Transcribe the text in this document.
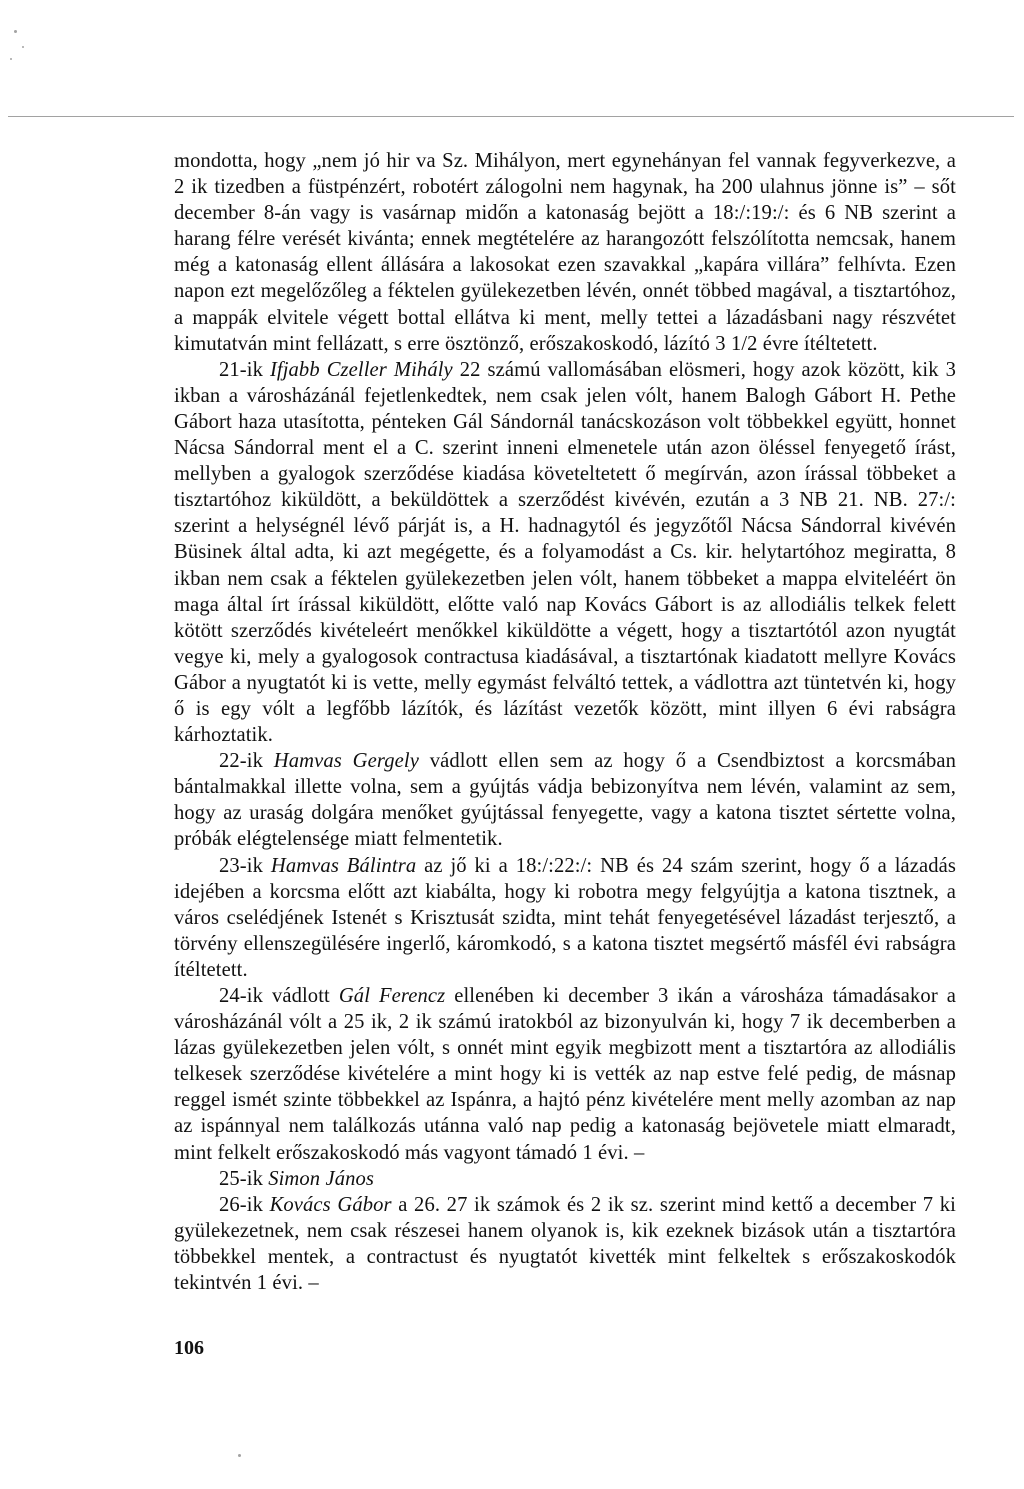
mondotta, hogy „nem jó hir va Sz. Mihályon, mert egynehányan fel vannak fegyverkezve, a 2 ik tizedben a füstpénzért, robotért zálogolni nem hagynak, ha 200 ulahnus jönne is” – sőt december 8-án vagy is vasárnap midőn a katonaság bejött a 18:/:19:/: és 6 NB szerint a harang félre verését kivánta; ennek megtételére az harangozótt felszólította nemcsak, hanem még a katonaság ellent állására a lakosokat ezen szavakkal „kapára villára” felhívta. Ezen napon ezt megelőzőleg a féktelen gyülekezetben lévén, onnét többed magával, a tisztartóhoz, a mappák elvitele végett bottal ellátva ki ment, melly tettei a lázadásbani nagy részvétet kimutatván mint fellázatt, s erre ösztönző, erőszakoskodó, lázító 3 1/2 évre ítéltetett.

21-ik Ifjabb Czeller Mihály 22 számú vallomásában elösmeri, hogy azok között, kik 3 ikban a városházánál fejetlenkedtek, nem csak jelen vólt, hanem Balogh Gábort H. Pethe Gábort haza utasította, pénteken Gál Sándornál tanácskozáson volt többekkel együtt, honnet Nácsa Sándorral ment el a C. szerint inneni elmenetele után azon öléssel fenyegető írást, mellyben a gyalogok szerződése kiadása követeltetett ő megírván, azon írással többeket a tisztartóhoz kiküldött, a beküldöttek a szerződést kivévén, ezután a 3 NB 21. NB. 27:/: szerint a helységnél lévő párját is, a H. hadnagytól és jegyzőtől Nácsa Sándorral kivévén Büsinek által adta, ki azt megégette, és a folyamodást a Cs. kir. helytartóhoz megiratta, 8 ikban nem csak a féktelen gyülekezetben jelen vólt, hanem többeket a mappa elviteléért ön maga által írt írással kiküldött, előtte való nap Kovács Gábort is az allodiális telkek felett kötött szerződés kivételeért menőkkel kiküldötte a végett, hogy a tisztartótól azon nyugtát vegye ki, mely a gyalogosok contractusa kiadásával, a tisztartónak kiadatott mellyre Kovács Gábor a nyugtatót ki is vette, melly egymást felváltó tettek, a vádlottra azt tüntetvén ki, hogy ő is egy vólt a legfőbb lázítók, és lázítást vezetők között, mint illyen 6 évi rabságra kárhoztatik.

22-ik Hamvas Gergely vádlott ellen sem az hogy ő a Csendbiztost a korcsmában bántalmakkal illette volna, sem a gyújtás vádja bebizonyítva nem lévén, valamint az sem, hogy az uraság dolgára menőket gyújtással fenyegette, vagy a katona tisztet sértette volna, próbák elégtelensége miatt felmentetik.

23-ik Hamvas Bálintra az jő ki a 18:/:22:/: NB és 24 szám szerint, hogy ő a lázadás idejében a korcsma előtt azt kiabálta, hogy ki robotra megy felgyújtja a katona tisztnek, a város cselédjének Istenét s Krisztusát szidta, mint tehát fenyegetésével lázadást terjesztő, a törvény ellenszegülésére ingerlő, káromkodó, s a katona tisztet megsértő másfél évi rabságra ítéltetett.

24-ik vádlott Gál Ferencz ellenében ki december 3 ikán a városháza támadásakor a városházánál vólt a 25 ik, 2 ik számú iratokból az bizonyulván ki, hogy 7 ik decemberben a lázas gyülekezetben jelen vólt, s onnét mint egyik megbizott ment a tisztartóra az allodiális telkesek szerződése kivételére a mint hogy ki is vették az nap estve felé pedig, de másnap reggel ismét szinte többekkel az Ispánra, a hajtó pénz kivételére ment melly azomban az nap az ispánnyal nem találkozás utánna való nap pedig a katonaság bejövetele miatt elmaradt, mint felkelt erőszakoskodó más vagyont támadó 1 évi. –

25-ik Simon János

26-ik Kovács Gábor a 26. 27 ik számok és 2 ik sz. szerint mind kettő a december 7 ki gyülekezetnek, nem csak részesei hanem olyanok is, kik ezeknek bizások után a tisztartóra többekkel mentek, a contractust és nyugtatót kivették mint felkeltek s erőszakoskodók tekintvén 1 évi. –

106
